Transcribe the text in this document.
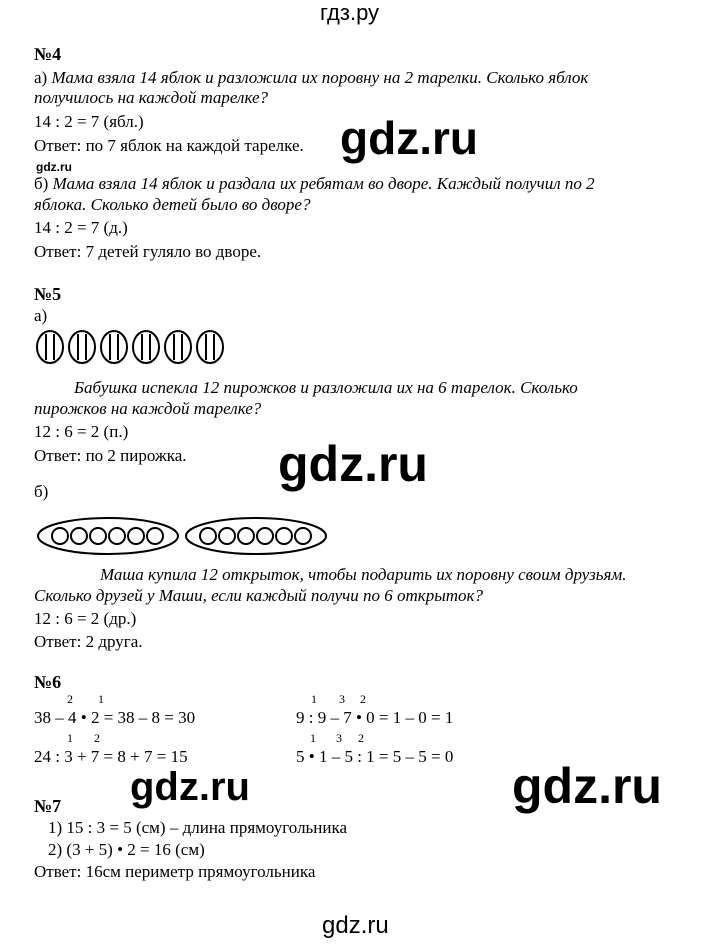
гдз.ру
№4
а) Мама взяла 14 яблок и разложила их поровну на 2 тарелки. Сколько яблок
получилось на каждой тарелке?
14 : 2 = 7 (ябл.)
Ответ: по 7 яблок на каждой тарелке. gdz.ru
gdz.ru
б) Мама взяла 14 яблок и раздала их ребятам во дворе. Каждый получил по 2
яблока. Сколько детей было во дворе?
14 : 2 = 7 (д.)
Ответ: 7 детей гуляло во дворе.
№5
а)
Бабушка испекла 12 пирожков и разложила их на 6 тарелок. Сколько
пирожков на каждой тарелке?
12 : 6 = 2 (п.)
Ответ: по 2 пирожка. gdz.ru
б)
Маша купила 12 открыток, чтобы подарить их поровну своим друзьям.
Сколько друзей у Маши, если каждый получи по 6 открыток?
12 : 6 = 2 (др.)
Ответ: 2 друга.
№6
2 1
38 – 4 • 2 = 38 – 8 = 30
1 3 2
9 : 9 – 7 • 0 = 1 – 0 = 1
1 2
24 : 3 + 7 = 8 + 7 = 15
1 3 2
5 • 1 – 5 : 1 = 5 – 5 = 0
gdz.ru	gdz.ru
№7
1) 15 : 3 = 5 (см) – длина прямоугольника
2) (3 + 5) • 2 = 16 (см)
Ответ: 16см периметр прямоугольника
gdz.ru
